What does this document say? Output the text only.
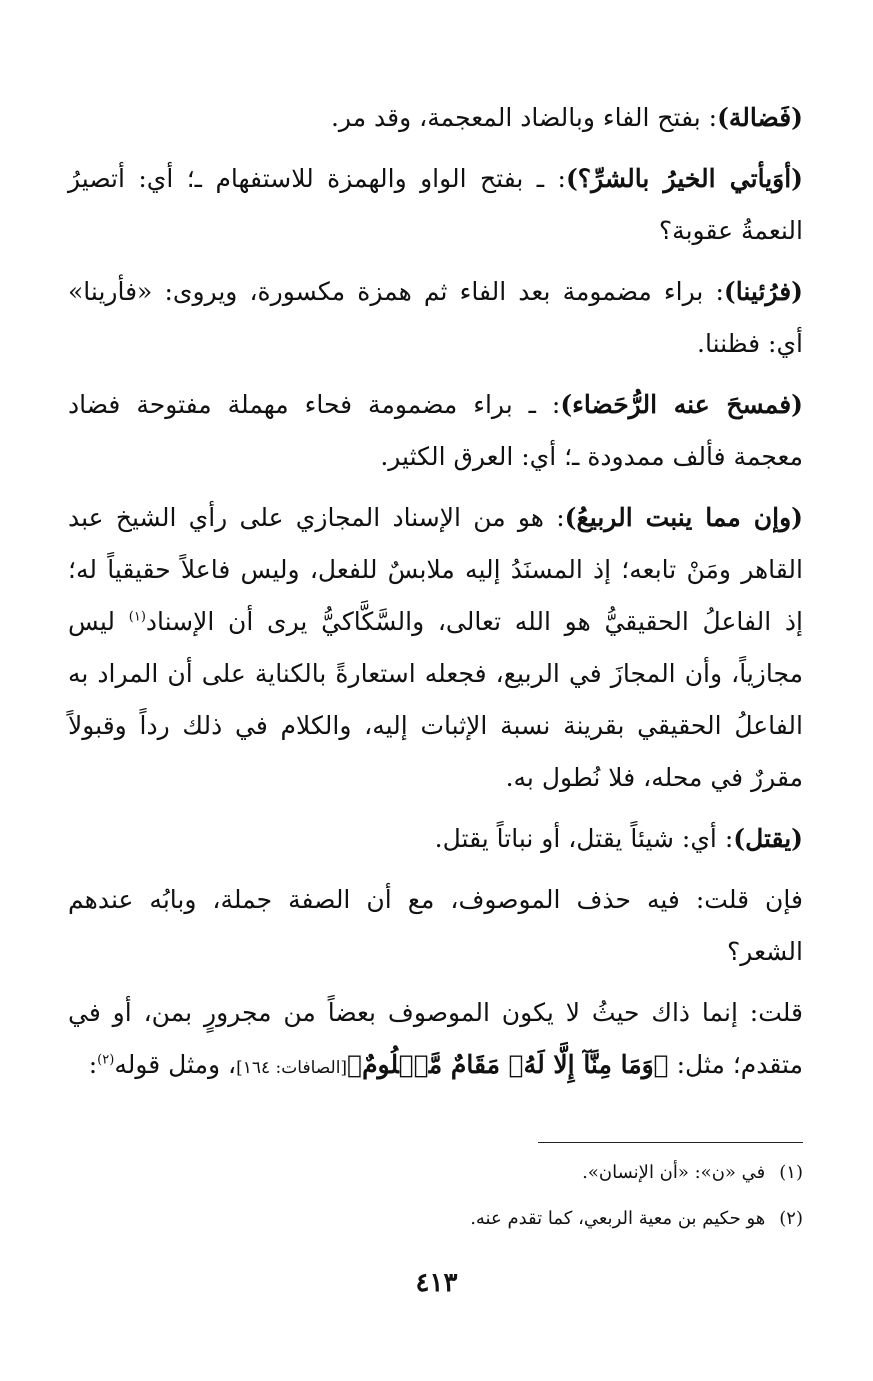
(فَضالة): بفتح الفاء وبالضاد المعجمة، وقد مر.

(أوَيأتي الخيرُ بالشرِّ؟): ـ بفتح الواو والهمزة للاستفهام ـ؛ أي: أتصيرُ النعمةُ عقوبة؟

(فرُئينا): براء مضمومة بعد الفاء ثم همزة مكسورة، ويروى: «فأرينا» أي: فظننا.

(فمسحَ عنه الرُّحَضاء): ـ براء مضمومة فحاء مهملة مفتوحة فضاد معجمة فألف ممدودة ـ؛ أي: العرق الكثير.

(وإن مما ينبت الربيعُ): هو من الإسناد المجازي على رأي الشيخ عبد القاهر ومَنْ تابعه؛ إذ المسنَدُ إليه ملابسٌ للفعل، وليس فاعلاً حقيقياً له؛ إذ الفاعلُ الحقيقيُّ هو الله تعالى، والسَّكَّاكيُّ يرى أن الإسناد$^{(١)}$ ليس مجازياً، وأن المجازَ في الربيع، فجعله استعارةً بالكناية على أن المراد به الفاعلُ الحقيقي بقرينة نسبة الإثبات إليه، والكلام في ذلك رداً وقبولاً مقررٌ في محله، فلا نُطول به.

(يقتل): أي: شيئاً يقتل، أو نباتاً يقتل.

فإن قلت: فيه حذف الموصوف، مع أن الصفة جملة، وبابُه عندهم الشعر؟

قلت: إنما ذاك حيثُ لا يكون الموصوف بعضاً من مجرورٍ بمن، أو في متقدم؛ مثل: ﴿وَمَا مِنَّآ إِلَّا لَهُۥ مَقَامٌ مَّعۡلُومٌ﴾[الصافات: ١٦٤]، ومثل قوله$^{(٢)}$:

(١)في «ن»: «أن الإنسان».
(٢)هو حكيم بن معية الربعي، كما تقدم عنه.
٤١٣
